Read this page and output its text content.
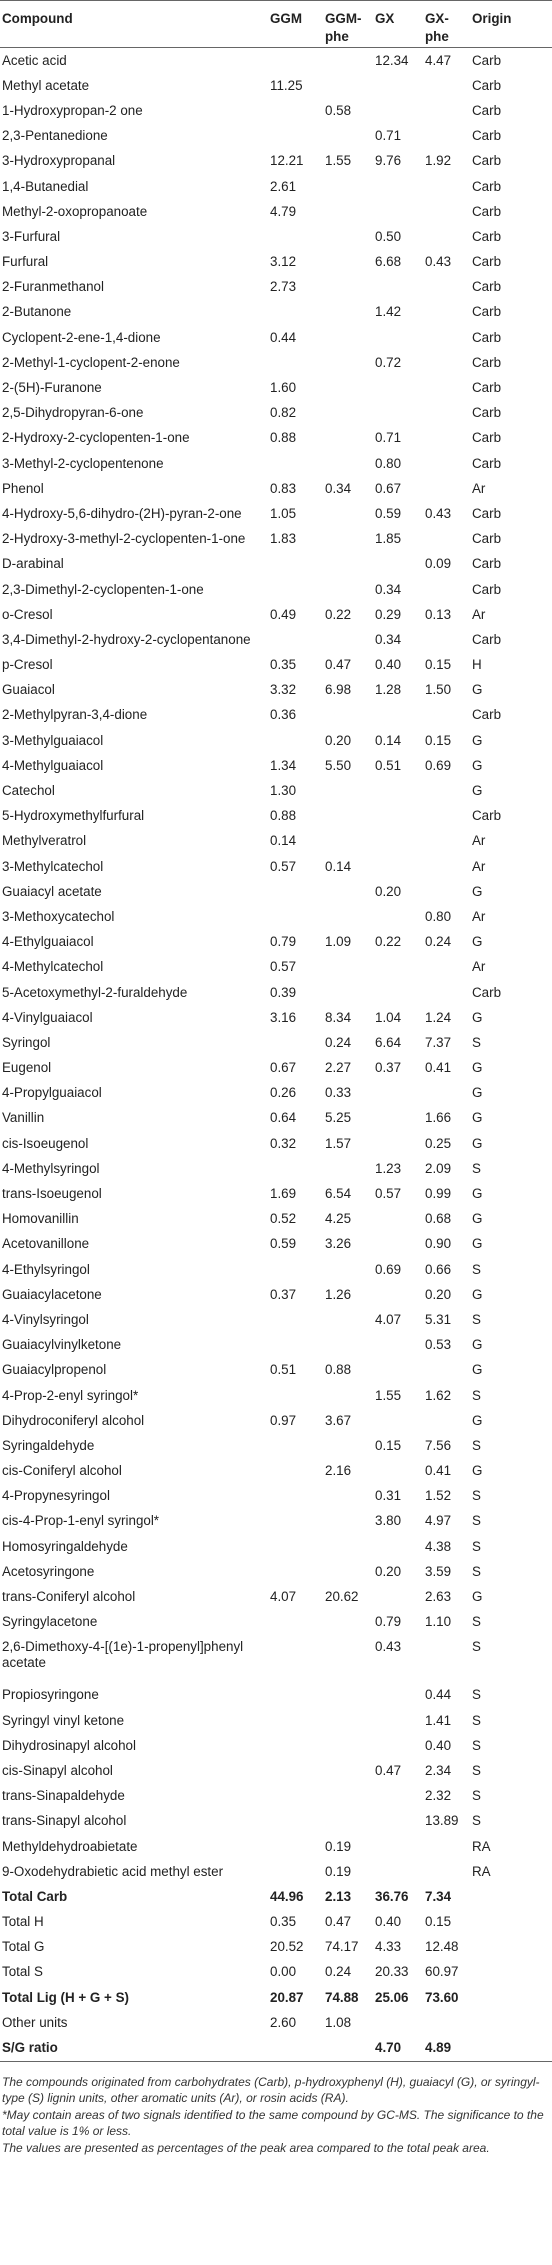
Compound	GGM	GGM-phe	GX	GX-phe	Origin
Acetic acid			12.34	4.47	Carb
Methyl acetate	11.25				Carb
1-Hydroxypropan-2 one		0.58			Carb
2,3-Pentanedione			0.71		Carb
3-Hydroxypropanal	12.21	1.55	9.76	1.92	Carb
1,4-Butanedial	2.61				Carb
Methyl-2-oxopropanoate	4.79				Carb
3-Furfural			0.50		Carb
Furfural	3.12		6.68	0.43	Carb
2-Furanmethanol	2.73				Carb
2-Butanone			1.42		Carb
Cyclopent-2-ene-1,4-dione	0.44				Carb
2-Methyl-1-cyclopent-2-enone			0.72		Carb
2-(5H)-Furanone	1.60				Carb
2,5-Dihydropyran-6-one	0.82				Carb
2-Hydroxy-2-cyclopenten-1-one	0.88		0.71		Carb
3-Methyl-2-cyclopentenone			0.80		Carb
Phenol	0.83	0.34	0.67		Ar
4-Hydroxy-5,6-dihydro-(2H)-pyran-2-one	1.05		0.59	0.43	Carb
2-Hydroxy-3-methyl-2-cyclopenten-1-one	1.83		1.85		Carb
D-arabinal				0.09	Carb
2,3-Dimethyl-2-cyclopenten-1-one			0.34		Carb
o-Cresol	0.49	0.22	0.29	0.13	Ar
3,4-Dimethyl-2-hydroxy-2-cyclopentanone			0.34		Carb
p-Cresol	0.35	0.47	0.40	0.15	H
Guaiacol	3.32	6.98	1.28	1.50	G
2-Methylpyran-3,4-dione	0.36				Carb
3-Methylguaiacol		0.20	0.14	0.15	G
4-Methylguaiacol	1.34	5.50	0.51	0.69	G
Catechol	1.30				G
5-Hydroxymethylfurfural	0.88				Carb
Methylveratrol	0.14				Ar
3-Methylcatechol	0.57	0.14			Ar
Guaiacyl acetate			0.20		G
3-Methoxycatechol				0.80	Ar
4-Ethylguaiacol	0.79	1.09	0.22	0.24	G
4-Methylcatechol	0.57				Ar
5-Acetoxymethyl-2-furaldehyde	0.39				Carb
4-Vinylguaiacol	3.16	8.34	1.04	1.24	G
Syringol		0.24	6.64	7.37	S
Eugenol	0.67	2.27	0.37	0.41	G
4-Propylguaiacol	0.26	0.33			G
Vanillin	0.64	5.25		1.66	G
cis-Isoeugenol	0.32	1.57		0.25	G
4-Methylsyringol			1.23	2.09	S
trans-Isoeugenol	1.69	6.54	0.57	0.99	G
Homovanillin	0.52	4.25		0.68	G
Acetovanillone	0.59	3.26		0.90	G
4-Ethylsyringol			0.69	0.66	S
Guaiacylacetone	0.37	1.26		0.20	G
4-Vinylsyringol			4.07	5.31	S
Guaiacylvinylketone				0.53	G
Guaiacylpropenol	0.51	0.88			G
4-Prop-2-enyl syringol*			1.55	1.62	S
Dihydroconiferyl alcohol	0.97	3.67			G
Syringaldehyde			0.15	7.56	S
cis-Coniferyl alcohol		2.16		0.41	G
4-Propynesyringol			0.31	1.52	S
cis-4-Prop-1-enyl syringol*			3.80	4.97	S
Homosyringaldehyde				4.38	S
Acetosyringone			0.20	3.59	S
trans-Coniferyl alcohol	4.07	20.62		2.63	G
Syringylacetone			0.79	1.10	S
2,6-Dimethoxy-4-[(1e)-1-propenyl]phenyl acetate			0.43		S
Propiosyringone				0.44	S
Syringyl vinyl ketone				1.41	S
Dihydrosinapyl alcohol				0.40	S
cis-Sinapyl alcohol			0.47	2.34	S
trans-Sinapaldehyde				2.32	S
trans-Sinapyl alcohol				13.89	S
Methyldehydroabietate		0.19			RA
9-Oxodehydrabietic acid methyl ester		0.19			RA
Total Carb	44.96	2.13	36.76	7.34	
Total H	0.35	0.47	0.40	0.15	
Total G	20.52	74.17	4.33	12.48	
Total S	0.00	0.24	20.33	60.97	
Total Lig (H + G + S)	20.87	74.88	25.06	73.60	
Other units	2.60	1.08			
S/G ratio			4.70	4.89	

The compounds originated from carbohydrates (Carb), p-hydroxyphenyl (H), guaiacyl (G), or syringyl-type (S) lignin units, other aromatic units (Ar), or rosin acids (RA).

*May contain areas of two signals identified to the same compound by GC-MS. The significance to the total value is 1% or less.

The values are presented as percentages of the peak area compared to the total peak area.
